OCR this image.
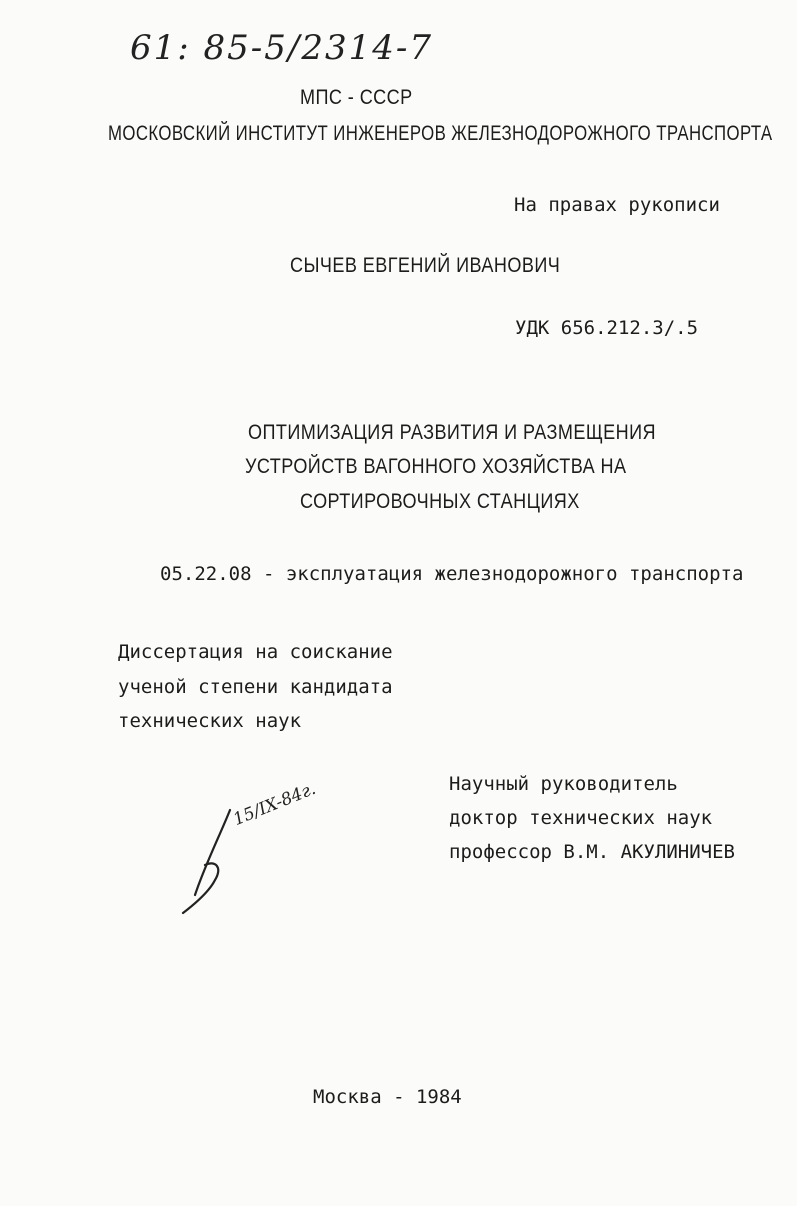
61: 85-5/2314-7
МПС - СССР
МОСКОВСКИЙ ИНСТИТУТ ИНЖЕНЕРОВ ЖЕЛЕЗНОДОРОЖНОГО ТРАНСПОРТА
На правах рукописи
СЫЧЕВ ЕВГЕНИЙ ИВАНОВИЧ
УДК 656.212.3/.5
ОПТИМИЗАЦИЯ РАЗВИТИЯ И РАЗМЕЩЕНИЯ
УСТРОЙСТВ ВАГОННОГО ХОЗЯЙСТВА НА
СОРТИРОВОЧНЫХ СТАНЦИЯХ
05.22.08 - эксплуатация железнодорожного транспорта
Диссертация на соискание
ученой степени кандидата
технических наук
Научный руководитель
доктор технических наук
профессор В.М. АКУЛИНИЧЕВ
15/IX-84г.
Москва - 1984
